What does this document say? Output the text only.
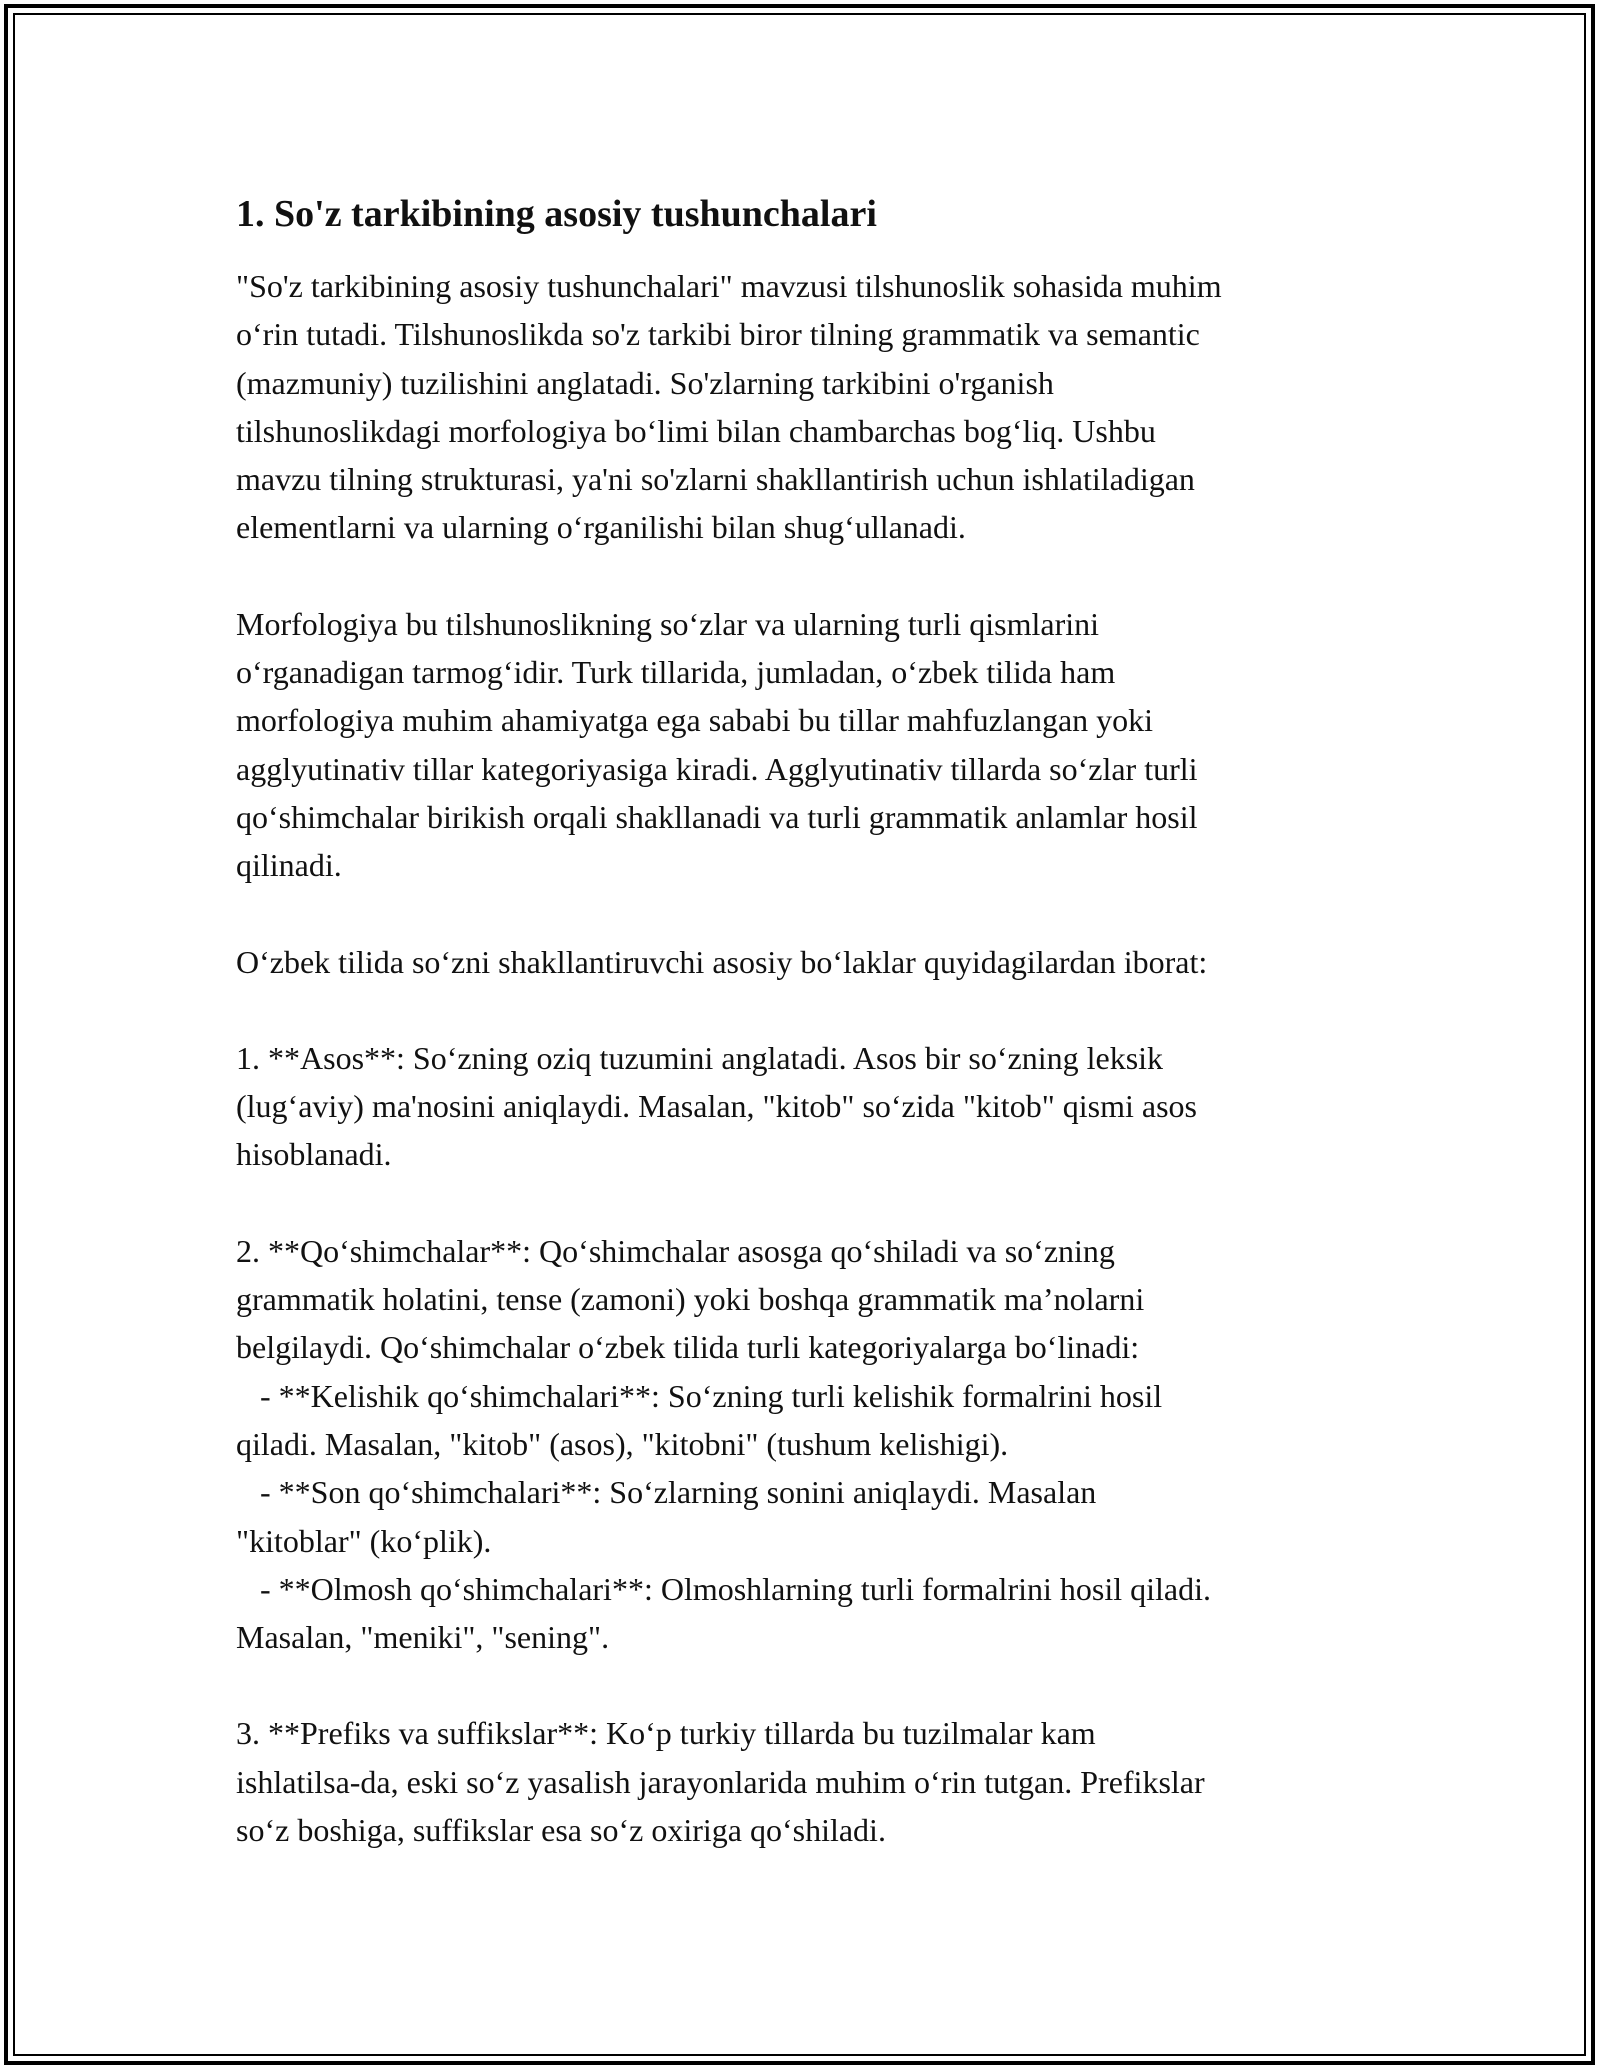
1. So'z tarkibining asosiy tushunchalari
"So'z tarkibining asosiy tushunchalari" mavzusi tilshunoslik sohasida muhim
o‘rin tutadi. Tilshunoslikda so'z tarkibi biror tilning grammatik va semantic
(mazmuniy) tuzilishini anglatadi. So'zlarning tarkibini o'rganish
tilshunoslikdagi morfologiya bo‘limi bilan chambarchas bog‘liq. Ushbu
mavzu tilning strukturasi, ya'ni so'zlarni shakllantirish uchun ishlatiladigan
elementlarni va ularning o‘rganilishi bilan shug‘ullanadi.
Morfologiya bu tilshunoslikning so‘zlar va ularning turli qismlarini
o‘rganadigan tarmog‘idir. Turk tillarida, jumladan, o‘zbek tilida ham
morfologiya muhim ahamiyatga ega sababi bu tillar mahfuzlangan yoki
agglyutinativ tillar kategoriyasiga kiradi. Agglyutinativ tillarda so‘zlar turli
qo‘shimchalar birikish orqali shakllanadi va turli grammatik anlamlar hosil
qilinadi.
O‘zbek tilida so‘zni shakllantiruvchi asosiy bo‘laklar quyidagilardan iborat:
1. **Asos**: So‘zning oziq tuzumini anglatadi. Asos bir so‘zning leksik
(lug‘aviy) ma'nosini aniqlaydi. Masalan, "kitob" so‘zida "kitob" qismi asos
hisoblanadi.
2. **Qo‘shimchalar**: Qo‘shimchalar asosga qo‘shiladi va so‘zning
grammatik holatini, tense (zamoni) yoki boshqa grammatik ma’nolarni
belgilaydi. Qo‘shimchalar o‘zbek tilida turli kategoriyalarga bo‘linadi:
- **Kelishik qo‘shimchalari**: So‘zning turli kelishik formalrini hosil
qiladi. Masalan, "kitob" (asos), "kitobni" (tushum kelishigi).
- **Son qo‘shimchalari**: So‘zlarning sonini aniqlaydi. Masalan
"kitoblar" (ko‘plik).
- **Olmosh qo‘shimchalari**: Olmoshlarning turli formalrini hosil qiladi.
Masalan, "meniki", "sening".
3. **Prefiks va suffikslar**: Ko‘p turkiy tillarda bu tuzilmalar kam
ishlatilsa-da, eski so‘z yasalish jarayonlarida muhim o‘rin tutgan. Prefikslar
so‘z boshiga, suffikslar esa so‘z oxiriga qo‘shiladi.
